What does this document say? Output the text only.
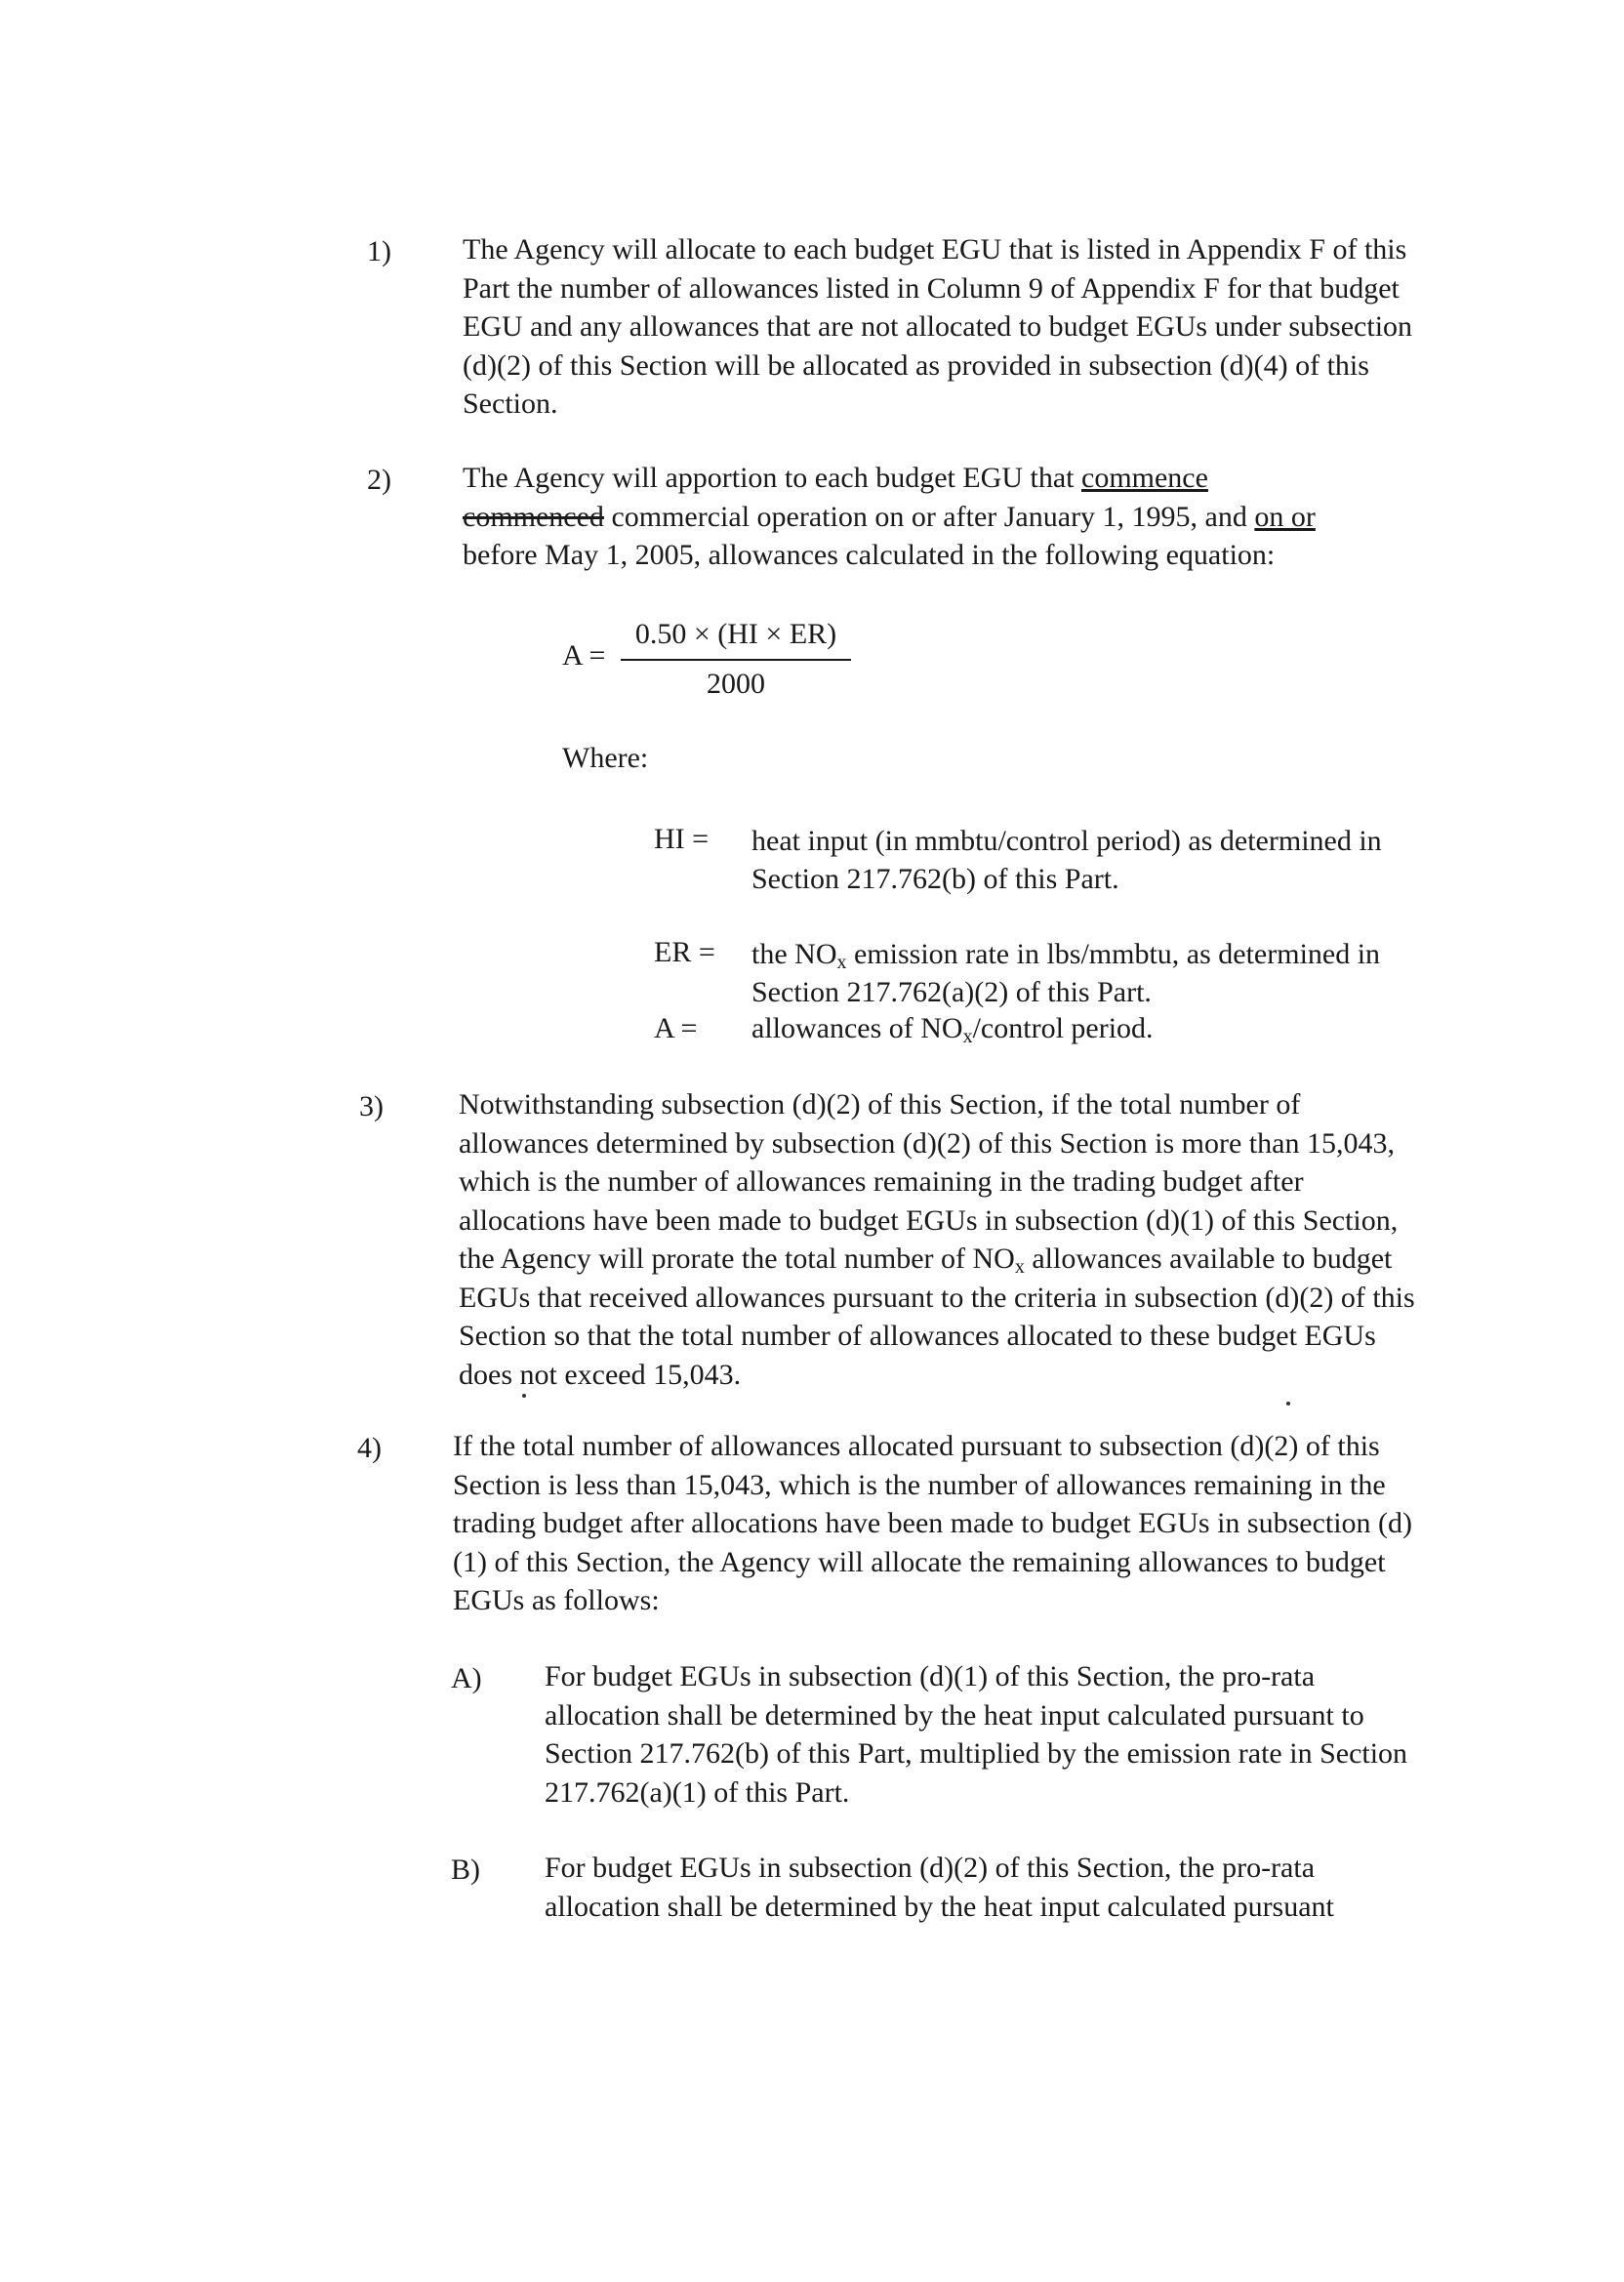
1) The Agency will allocate to each budget EGU that is listed in Appendix F of this Part the number of allowances listed in Column 9 of Appendix F for that budget EGU and any allowances that are not allocated to budget EGUs under subsection (d)(2) of this Section will be allocated as provided in subsection (d)(4) of this Section.

2) The Agency will apportion to each budget EGU that commence
commenced commercial operation on or after January 1, 1995, and on or
before May 1, 2005, allowances calculated in the following equation:

A =
0.50 × (HI × ER)
2000
Where:
HI =	heat input (in mmbtu/control period) as determined in Section 217.762(b) of this Part.
ER =	the $NO_x$ emission rate in lbs/mmbtu, as determined in Section 217.762(a)(2) of this Part.
A =	allowances of $NO_x$/control period.
3)	Notwithstanding subsection (d)(2) of this Section, if the total number of allowances determined by subsection (d)(2) of this Section is more than 15,043, which is the number of allowances remaining in the trading budget after allocations have been made to budget EGUs in subsection (d)(1) of this Section, the Agency will prorate the total number of $NO_x$ allowances available to budget EGUs that received allowances pursuant to the criteria in subsection (d)(2) of this Section so that the total number of allowances allocated to these budget EGUs does not exceed 15,043.

4) If the total number of allowances allocated pursuant to subsection (d)(2) of this Section is less than 15,043, which is the number of allowances remaining in the trading budget after allocations have been made to budget EGUs in subsection (d)(1) of this Section, the Agency will allocate the remaining allowances to budget EGUs as follows:

A) For budget EGUs in subsection (d)(1) of this Section, the pro-rata allocation shall be determined by the heat input calculated pursuant to Section 217.762(b) of this Part, multiplied by the emission rate in Section 217.762(a)(1) of this Part.

B) For budget EGUs in subsection (d)(2) of this Section, the pro-rata allocation shall be determined by the heat input calculated pursuant
